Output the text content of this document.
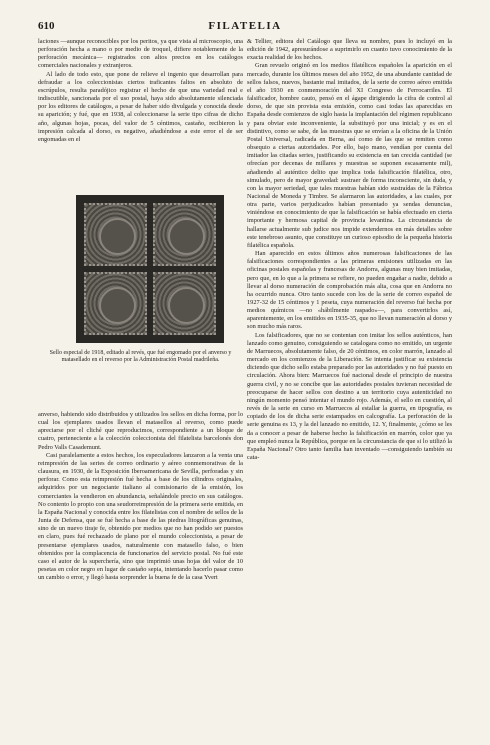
610	FILATELIA

laciones —aunque reconocibles por los peritos, ya que vista al microscopio, una perforación hecha a mano o por medio de troquel, difiere notablemente de la perforación mecánica— registrados con altos precios en los catálogos comerciales nacionales y extranjeros.

Al lado de todo esto, que pone de relieve el ingenio que desarrollan para defraudar a los coleccionistas ciertos traficantes faltos en absoluto de escrúpulos, resulta paradójico registrar el hecho de que una variedad real e indiscutible, sancionada por el uso postal, haya sido absolutamente silenciada por los editores de catálogos, a pesar de haber sido divulgada y conocida desde su aparición; y fué, que en 1938, al coleccionarse la serie tipo cifras de dicho año, algunas hojas, pocas, del valor de 5 céntimos, castaño, recibieron la impresión calcada al dorso, es negativo, añadiéndose a este error el de ser engomadas en el

Sello especial de 1918, editado al revés, que fué engomado por el anverso y matasellado en el reverso por la Administración Postal madrileña.

anverso, habiendo sido distribuidos y utilizados los sellos en dicha forma, por lo cual los ejemplares usados llevan el matasellos al reverso, como puede apreciarse por el cliché que reproducimos, correspondiente a un bloque de cuatro, perteneciente a la colección coleccionista del filatelista barcelonés don Pedro Valls Casademunt.

Casi paralelamente a estos hechos, los especuladores lanzaron a la venta una reimpresión de las series de correo ordinario y aéreo conmemorativas de la clausura, en 1930, de la Exposición Iberoamericana de Sevilla, perforadas y sin perforar. Como esta reimpresión fué hecha a base de los cilindros originales, adquiridos por un negociante italiano al comisionario de la emisión, los comerciantes la vendieron en abundancia, señalándole precio en sus catálogos. No contento lo propio con una seudorreimpresión de la primera serie emitida, en la España Nacional y conocida entre los filatelistas con el nombre de sellos de la Junta de Defensa, que se fué hecha a base de las piedras litográficas genuinas, sino de un nuevo tiraje fe, obtenido por medios que no han podido ser puestos en claro, pues fué rechazado de plano por el mundo coleccionista, a pesar de presentarse ejemplares usados, naturalmente con matasello falso, o bien obtenidos por la complacencia de funcionarios del servicio postal. No fué este caso el autor de la superchería, sino que imprimió unas hojas del valor de 10 pesetas en color negro en lugar de castaño sepia, intentando hacerlo pasar como un cambio o error, y llegó hasta sorprender la buena fe de la casa Yvert

& Tellier, editora del Catálogo que lleva su nombre, pues lo incluyó en la edición de 1942, apresurándose a suprimirlo en cuanto tuvo conocimiento de la exacta realidad de los hechos.

Gran revuelo originó en los medios filatélicos españoles la aparición en el mercado, durante los últimos meses del año 1952, de una abundante cantidad de sellos falsos, nuevos, bastante mal imitados, de la serie de correo aéreo emitida el año 1930 en conmemoración del XI Congreso de Ferrocarriles. El falsificador, hombre cauto, pensó en el ágape dirigiendo la cifra de control al dorso, de que sin provista esta emisión, como casi todas las aparecidas en España desde comienzos de siglo hasta la implantación del régimen republicano y para obviar este inconveniente, la substituyó por una inicial; y es en el distintivo, como se sabe, de las muestras que se envían a la oficina de la Unión Postal Universal, radicada en Berna, así como de las que se remiten como obsequio a ciertas autoridades. Por ello, bajo mano, vendían por cuenta del imitador las citadas series, justificando su existencia en tan crecida cantidad (se ofrecían por decenas de millares y muestras se suponen escasamente mil), añadiendo al auténtico delito que implica toda falsificación filatélica, otro, simulado, pero de mayor gravedad: sustraer de forma inconsciente, sin duda, y con la mayor seriedad, que tales muestras habían sido sustraídas de la Fábrica Nacional de Moneda y Timbre. Se alarmaron las autoridades, a las cuales, por otra parte, varios perjudicados habían presentado ya sendas denuncias, viniéndose en conocimiento de que la falsificación se había efectuado en cierta importante y hermosa capital de provincia levantina. La circunstancia de hallarse actualmente sub judice nos impide extendernos en más detalles sobre este tenebroso asunto, que constituye un curioso episodio de la pequeña historia filatélica española.

Han aparecido en estos últimos años numerosas falsificaciones de las falsificaciones correspondientes a las primeras emisiones utilizadas en las oficinas postales españolas y francesas de Andorra, algunas muy bien imitadas, pero que, en lo que a la primera se refiere, no pueden engañar a nadie, debido a llevar al dorso numeración de comprobación más alta, cosa que en Andorra no ha ocurrido nunca. Otro tanto sucede con los de la serie de correo español de 1927-32 de 15 céntimos y 1 peseta, cuya numeración del reverso fué hecha por medios químicos —no «hábilmente raspado»—, para convertirlos así, aparentemente, en los emitidos en 1935-35, que no llevan numeración al dorso y son mucho más raros.

Los falsificadores, que no se contentan con imitar los sellos auténticos, han lanzado como genuino, consiguiendo se catalogara como no emitido, un urgente de Marruecos, absolutamente falso, de 20 céntimos, en color marrón, lanzado al mercado en los comienzos de la Liberación. Se intenta justificar su existencia diciendo que dicho sello estaba preparado por las autoridades y no fué puesto en circulación. Ahora bien: Marruecos fué nacional desde el principio de nuestra guerra civil, y no se concibe que las autoridades postales tuvieran necesidad de preocuparse de hacer sellos con destino a un territorio cuya autenticidad no ningún momento pensó intentar el mundo rojo. Además, el sello en cuestión, al revés de la serie en curso en Marruecos al estallar la guerra, en tipografía, es copiado de los de dicha serie estampados en calcografía. La perforación de la serie genuina es 13, y la del lanzado no emitido, 12. Y, finalmente, ¿cómo se les da a conocer a pesar de haberse hecho la falsificación en marrón, color que ya que empleó nunca la República, porque en la circunstancia de que si lo utilizó la España Nacional? Otro tanto familia han inventado —consiguiendo también su cata-
